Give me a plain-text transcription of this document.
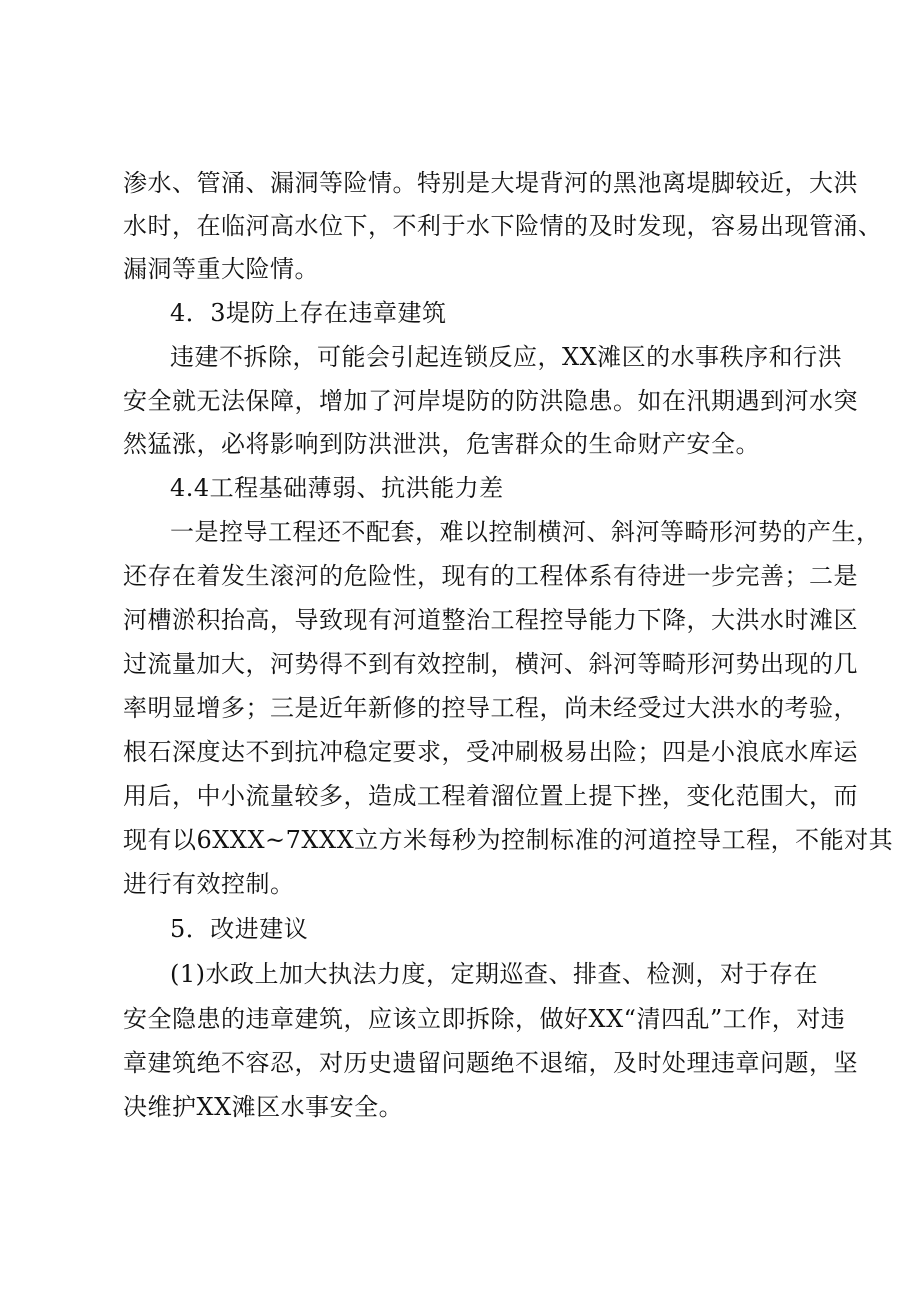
渗水、管涌、漏洞等险情。特别是大堤背河的黑池离堤脚较近，大洪
水时，在临河高水位下，不利于水下险情的及时发现，容易出现管涌、
漏洞等重大险情。
4．3堤防上存在违章建筑
违建不拆除，可能会引起连锁反应，XX滩区的水事秩序和行洪
安全就无法保障，增加了河岸堤防的防洪隐患。如在汛期遇到河水突
然猛涨，必将影响到防洪泄洪，危害群众的生命财产安全。
4.4工程基础薄弱、抗洪能力差
一是控导工程还不配套，难以控制横河、斜河等畸形河势的产生，
还存在着发生滚河的危险性，现有的工程体系有待进一步完善；二是
河槽淤积抬高，导致现有河道整治工程控导能力下降，大洪水时滩区
过流量加大，河势得不到有效控制，横河、斜河等畸形河势出现的几
率明显增多；三是近年新修的控导工程，尚未经受过大洪水的考验，
根石深度达不到抗冲稳定要求，受冲刷极易出险；四是小浪底水库运
用后，中小流量较多，造成工程着溜位置上提下挫，变化范围大，而
现有以6XXX~7XXX立方米每秒为控制标准的河道控导工程，不能对其
进行有效控制。
5．改进建议
(1)水政上加大执法力度，定期巡查、排查、检测，对于存在
安全隐患的违章建筑，应该立即拆除，做好XX“清四乱”工作，对违
章建筑绝不容忍，对历史遗留问题绝不退缩，及时处理违章问题，坚
决维护XX滩区水事安全。
